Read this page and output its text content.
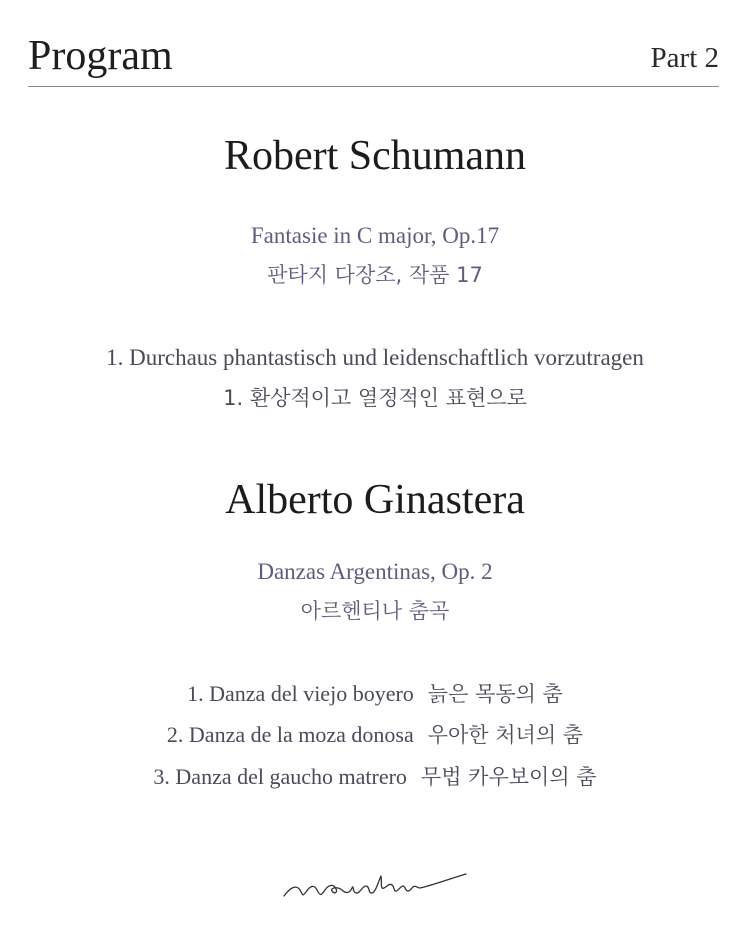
Program	Part 2
Robert Schumann
Fantasie in C major, Op.17
판타지 다장조, 작품 17
1. Durchaus phantastisch und leidenschaftlich vorzutragen
1. 환상적이고 열정적인 표현으로
Alberto Ginastera
Danzas Argentinas, Op. 2
아르헨티나 춤곡
1. Danza del viejo boyero 늙은 목동의 춤
2. Danza de la moza donosa 우아한 처녀의 춤
3. Danza del gaucho matrero 무법 카우보이의 춤
